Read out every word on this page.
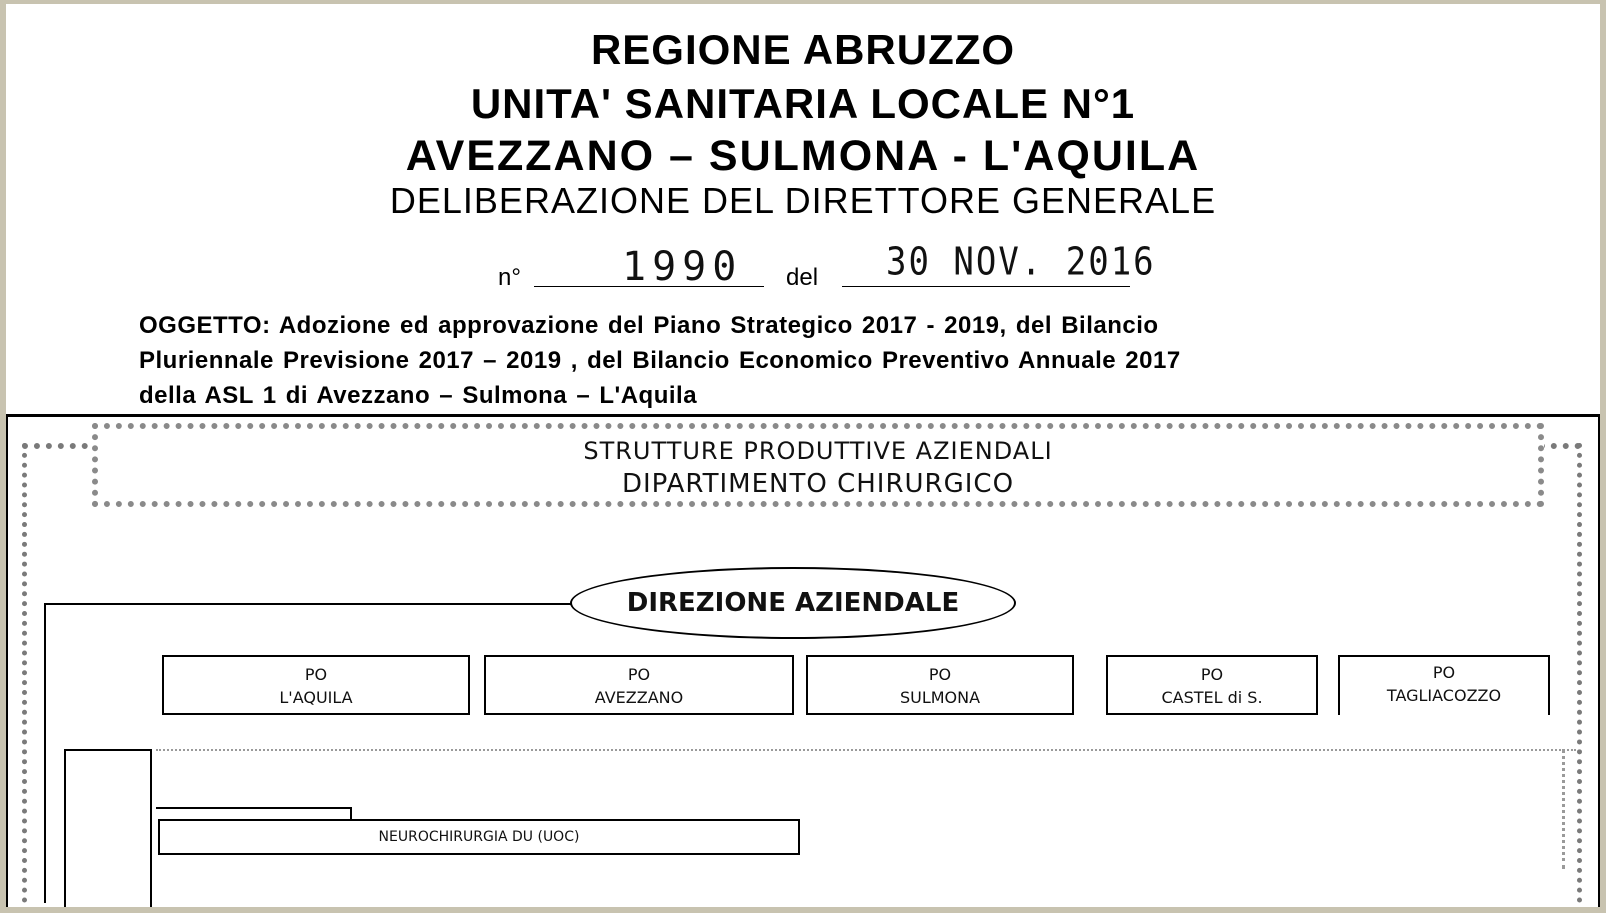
REGIONE ABRUZZO
UNITA' SANITARIA LOCALE N°1
AVEZZANO – SULMONA - L'AQUILA
DELIBERAZIONE DEL DIRETTORE GENERALE
n°	1990 del 30 NOV. 2016
OGGETTO: Adozione ed approvazione del Piano Strategico 2017 - 2019, del Bilancio
Pluriennale Previsione 2017 – 2019 , del Bilancio Economico Preventivo Annuale 2017
della ASL 1 di Avezzano – Sulmona – L'Aquila
STRUTTURE PRODUTTIVE AZIENDALI
DIPARTIMENTO CHIRURGICO
DIREZIONE AZIENDALE
PO
L'AQUILA
PO
AVEZZANO
PO
SULMONA
PO
CASTEL di S.
PO
TAGLIACOZZO
NEUROCHIRURGIA DU (UOC)
